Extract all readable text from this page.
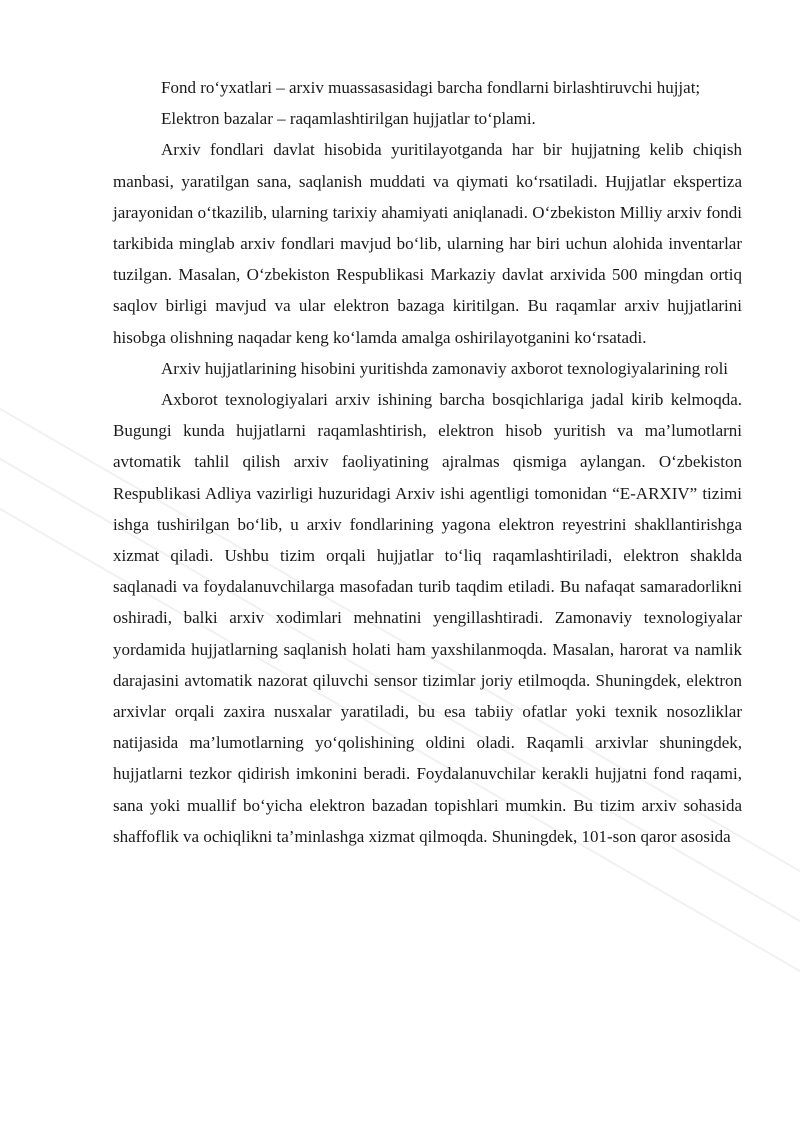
Fond ro‘yxatlari – arxiv muassasasidagi barcha fondlarni birlashtiruvchi hujjat;

Elektron bazalar – raqamlashtirilgan hujjatlar to‘plami.

Arxiv fondlari davlat hisobida yuritilayotganda har bir hujjatning kelib chiqish manbasi, yaratilgan sana, saqlanish muddati va qiymati ko‘rsatiladi. Hujjatlar ekspertiza jarayonidan o‘tkazilib, ularning tarixiy ahamiyati aniqlanadi. O‘zbekiston Milliy arxiv fondi tarkibida minglab arxiv fondlari mavjud bo‘lib, ularning har biri uchun alohida inventarlar tuzilgan. Masalan, O‘zbekiston Respublikasi Markaziy davlat arxivida 500 mingdan ortiq saqlov birligi mavjud va ular elektron bazaga kiritilgan. Bu raqamlar arxiv hujjatlarini hisobga olishning naqadar keng ko‘lamda amalga oshirilayotganini ko‘rsatadi.

Arxiv hujjatlarining hisobini yuritishda zamonaviy axborot texnologiyalarining roli

Axborot texnologiyalari arxiv ishining barcha bosqichlariga jadal kirib kelmoqda. Bugungi kunda hujjatlarni raqamlashtirish, elektron hisob yuritish va ma’lumotlarni avtomatik tahlil qilish arxiv faoliyatining ajralmas qismiga aylangan. O‘zbekiston Respublikasi Adliya vazirligi huzuridagi Arxiv ishi agentligi tomonidan “E-ARXIV” tizimi ishga tushirilgan bo‘lib, u arxiv fondlarining yagona elektron reyestrini shakllantirishga xizmat qiladi. Ushbu tizim orqali hujjatlar to‘liq raqamlashtiriladi, elektron shaklda saqlanadi va foydalanuvchilarga masofadan turib taqdim etiladi. Bu nafaqat samaradorlikni oshiradi, balki arxiv xodimlari mehnatini yengillashtiradi. Zamonaviy texnologiyalar yordamida hujjatlarning saqlanish holati ham yaxshilanmoqda. Masalan, harorat va namlik darajasini avtomatik nazorat qiluvchi sensor tizimlar joriy etilmoqda. Shuningdek, elektron arxivlar orqali zaxira nusxalar yaratiladi, bu esa tabiiy ofatlar yoki texnik nosozliklar natijasida ma’lumotlarning yo‘qolishining oldini oladi. Raqamli arxivlar shuningdek, hujjatlarni tezkor qidirish imkonini beradi. Foydalanuvchilar kerakli hujjatni fond raqami, sana yoki muallif bo‘yicha elektron bazadan topishlari mumkin. Bu tizim arxiv sohasida shaffoflik va ochiqlikni ta’minlashga xizmat qilmoqda. Shuningdek, 101-son qaror asosida
